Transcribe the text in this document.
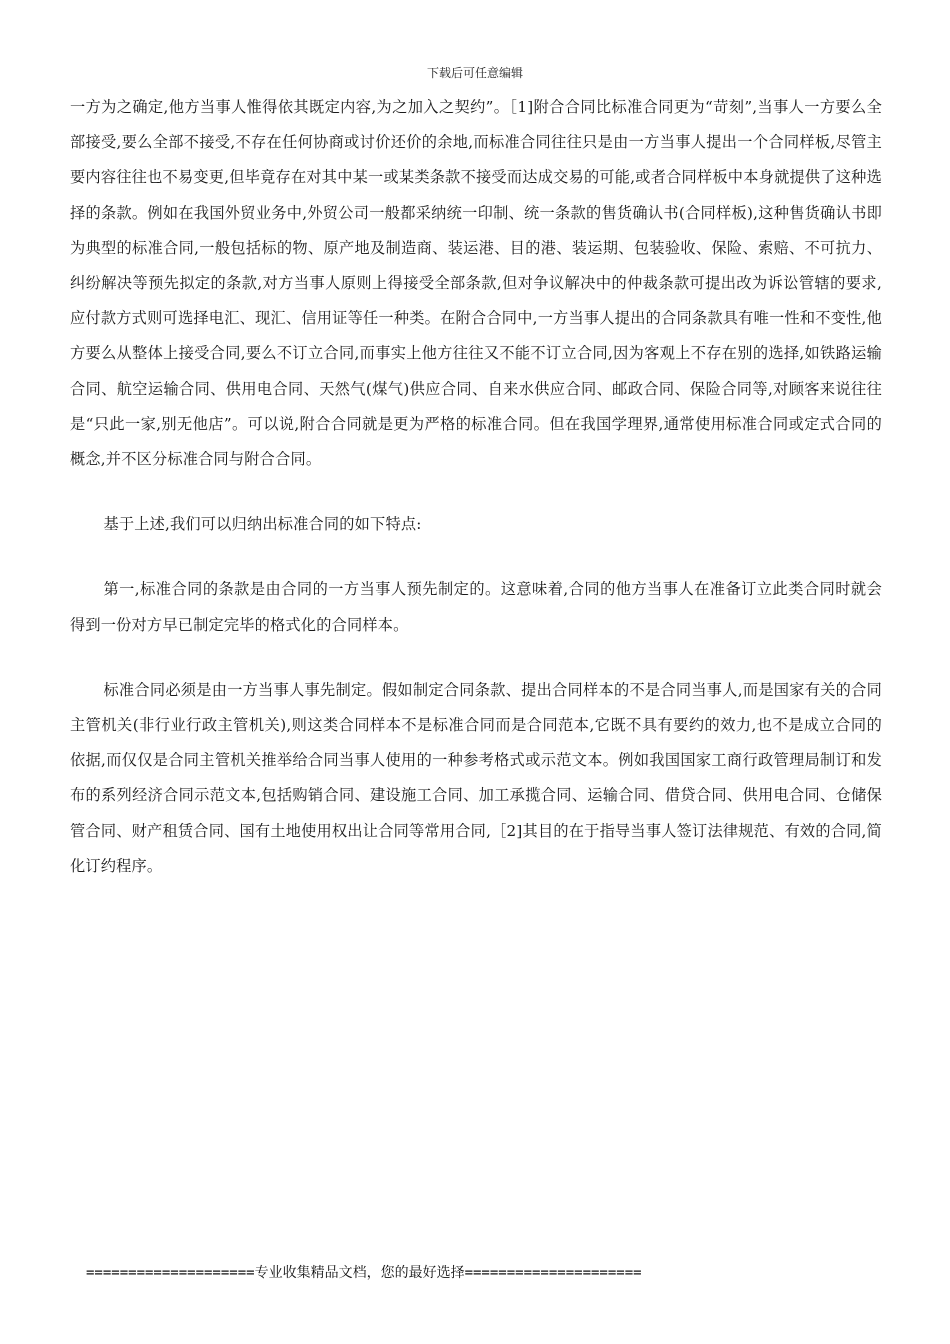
下载后可任意编辑

一方为之确定,他方当事人惟得依其既定内容,为之加入之契约”。［1]附合合同比标准合同更为“苛刻”,当事人一方要么全部接受,要么全部不接受,不存在任何协商或讨价还价的余地,而标准合同往往只是由一方当事人提出一个合同样板,尽管主要内容往往也不易变更,但毕竟存在对其中某一或某类条款不接受而达成交易的可能,或者合同样板中本身就提供了这种选择的条款。例如在我国外贸业务中,外贸公司一般都采纳统一印制、统一条款的售货确认书(合同样板),这种售货确认书即为典型的标准合同,一般包括标的物、原产地及制造商、装运港、目的港、装运期、包装验收、保险、索赔、不可抗力、纠纷解决等预先拟定的条款,对方当事人原则上得接受全部条款,但对争议解决中的仲裁条款可提出改为诉讼管辖的要求,应付款方式则可选择电汇、现汇、信用证等任一种类。在附合合同中,一方当事人提出的合同条款具有唯一性和不变性,他方要么从整体上接受合同,要么不订立合同,而事实上他方往往又不能不订立合同,因为客观上不存在别的选择,如铁路运输合同、航空运输合同、供用电合同、天然气(煤气)供应合同、自来水供应合同、邮政合同、保险合同等,对顾客来说往往是“只此一家,别无他店”。可以说,附合合同就是更为严格的标准合同。但在我国学理界,通常使用标准合同或定式合同的概念,并不区分标准合同与附合合同。

基于上述,我们可以归纳出标准合同的如下特点:

第一,标准合同的条款是由合同的一方当事人预先制定的。这意味着,合同的他方当事人在准备订立此类合同时就会得到一份对方早已制定完毕的格式化的合同样本。

标准合同必须是由一方当事人事先制定。假如制定合同条款、提出合同样本的不是合同当事人,而是国家有关的合同主管机关(非行业行政主管机关),则这类合同样本不是标准合同而是合同范本,它既不具有要约的效力,也不是成立合同的依据,而仅仅是合同主管机关推举给合同当事人使用的一种参考格式或示范文本。例如我国国家工商行政管理局制订和发布的系列经济合同示范文本,包括购销合同、建设施工合同、加工承揽合同、运输合同、借贷合同、供用电合同、仓储保管合同、财产租赁合同、国有土地使用权出让合同等常用合同,［2]其目的在于指导当事人签订法律规范、有效的合同,简化订约程序。

====================专业收集精品文档，您的最好选择=====================
